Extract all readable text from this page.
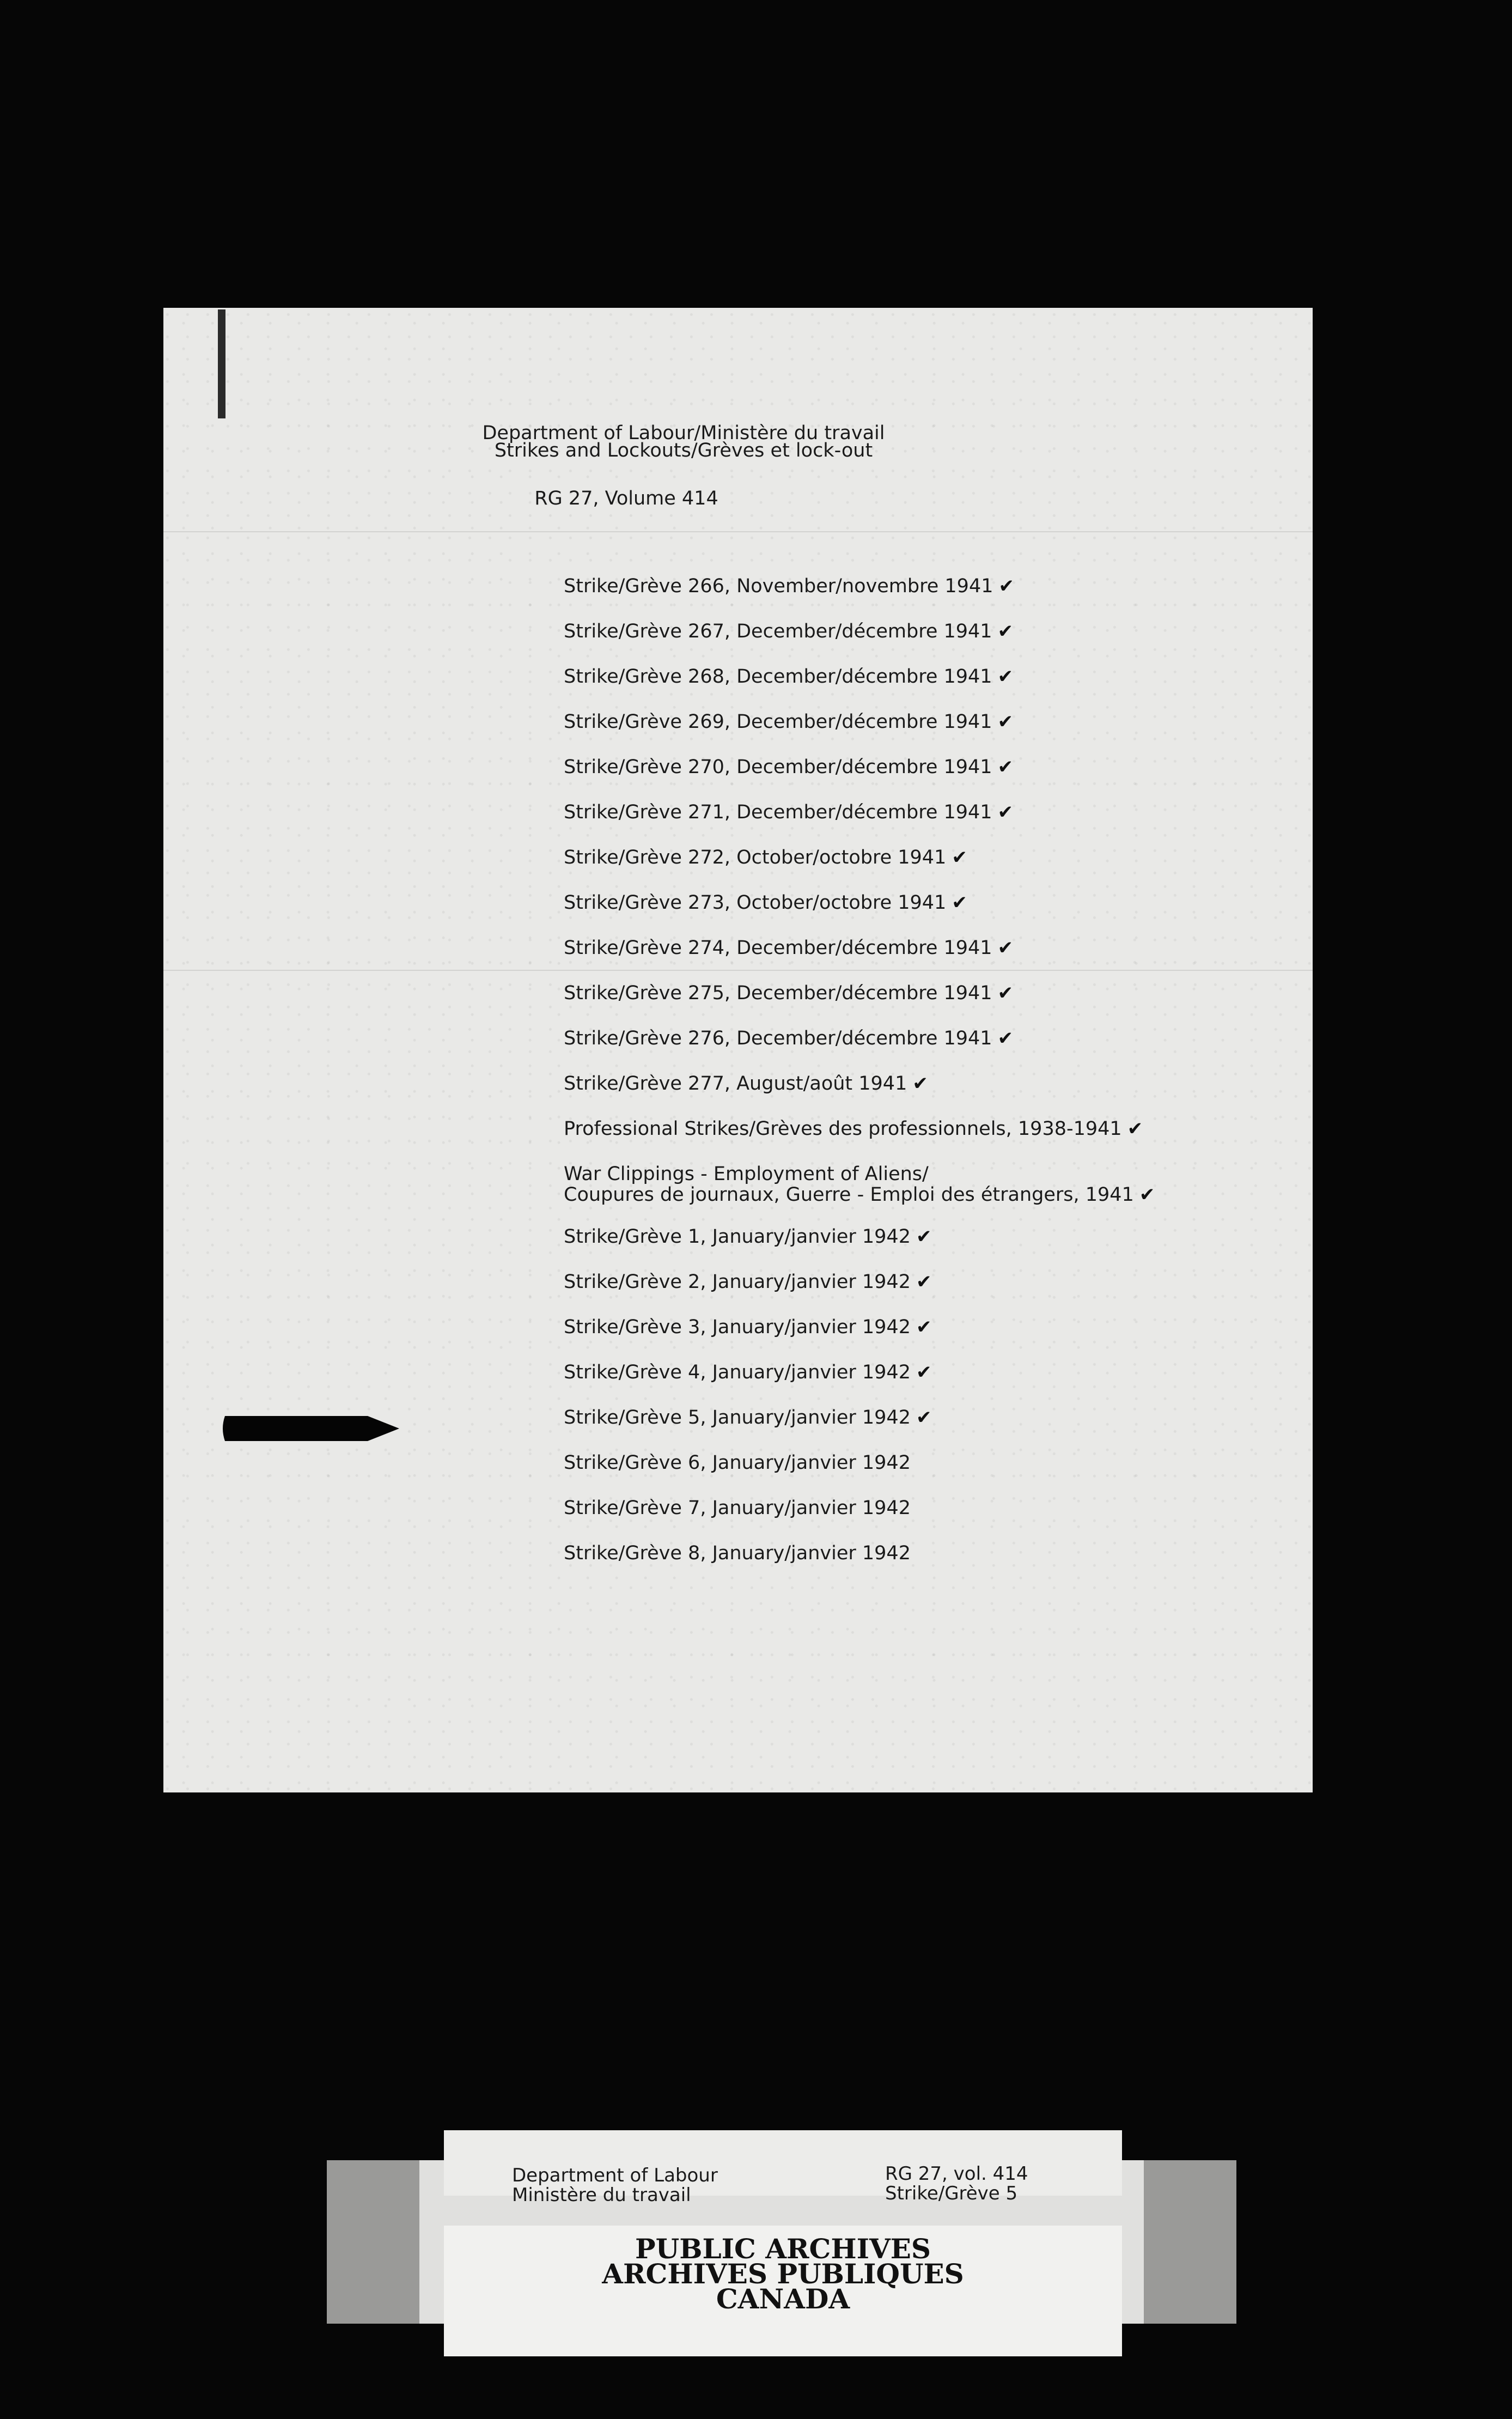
Department of Labour/Ministère du travail
Strikes and Lockouts/Grèves et lock-out
RG 27, Volume 414
Strike/Grève 266, November/novembre 1941 ✔
Strike/Grève 267, December/décembre 1941 ✔
Strike/Grève 268, December/décembre 1941 ✔
Strike/Grève 269, December/décembre 1941 ✔
Strike/Grève 270, December/décembre 1941 ✔
Strike/Grève 271, December/décembre 1941 ✔
Strike/Grève 272, October/octobre 1941 ✔
Strike/Grève 273, October/octobre 1941 ✔
Strike/Grève 274, December/décembre 1941 ✔
Strike/Grève 275, December/décembre 1941 ✔
Strike/Grève 276, December/décembre 1941 ✔
Strike/Grève 277, August/août 1941 ✔
Professional Strikes/Grèves des professionnels, 1938-1941 ✔
War Clippings - Employment of Aliens/
Coupures de journaux, Guerre - Emploi des étrangers, 1941 ✔
Strike/Grève 1, January/janvier 1942 ✔
Strike/Grève 2, January/janvier 1942 ✔
Strike/Grève 3, January/janvier 1942 ✔
Strike/Grève 4, January/janvier 1942 ✔
Strike/Grève 5, January/janvier 1942 ✔
Strike/Grève 6, January/janvier 1942
Strike/Grève 7, January/janvier 1942
Strike/Grève 8, January/janvier 1942
Department of Labour
Ministère du travail
RG 27, vol. 414
Strike/Grève 5
PUBLIC ARCHIVES
ARCHIVES PUBLIQUES
CANADA
